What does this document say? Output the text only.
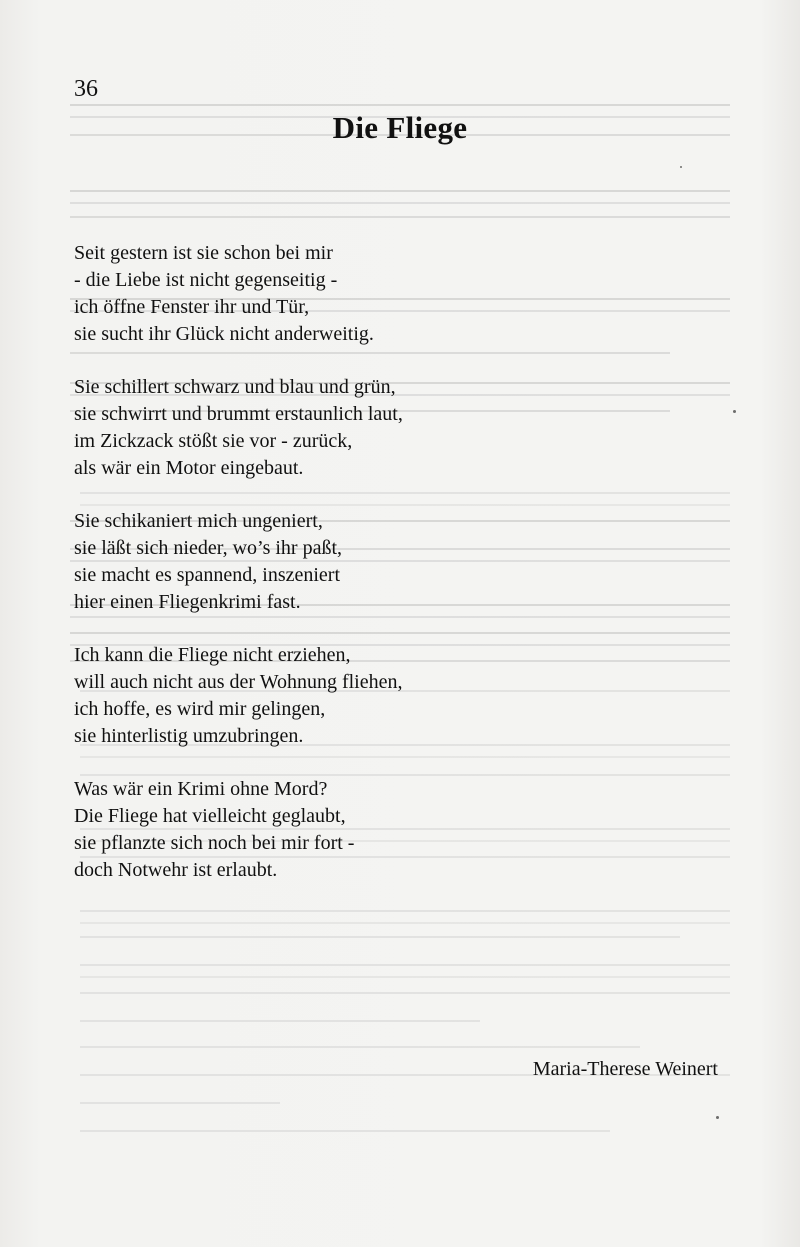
36
Die Fliege
Seit gestern ist sie schon bei mir
- die Liebe ist nicht gegenseitig -
ich öffne Fenster ihr und Tür,
sie sucht ihr Glück nicht anderweitig.
Sie schillert schwarz und blau und grün,
sie schwirrt und brummt erstaunlich laut,
im Zickzack stößt sie vor - zurück,
als wär ein Motor eingebaut.
Sie schikaniert mich ungeniert,
sie läßt sich nieder, wo’s ihr paßt,
sie macht es spannend, inszeniert
hier einen Fliegenkrimi fast.
Ich kann die Fliege nicht erziehen,
will auch nicht aus der Wohnung fliehen,
ich hoffe, es wird mir gelingen,
sie hinterlistig umzubringen.
Was wär ein Krimi ohne Mord?
Die Fliege hat vielleicht geglaubt,
sie pflanzte sich noch bei mir fort -
doch Notwehr ist erlaubt.
Maria-Therese Weinert
